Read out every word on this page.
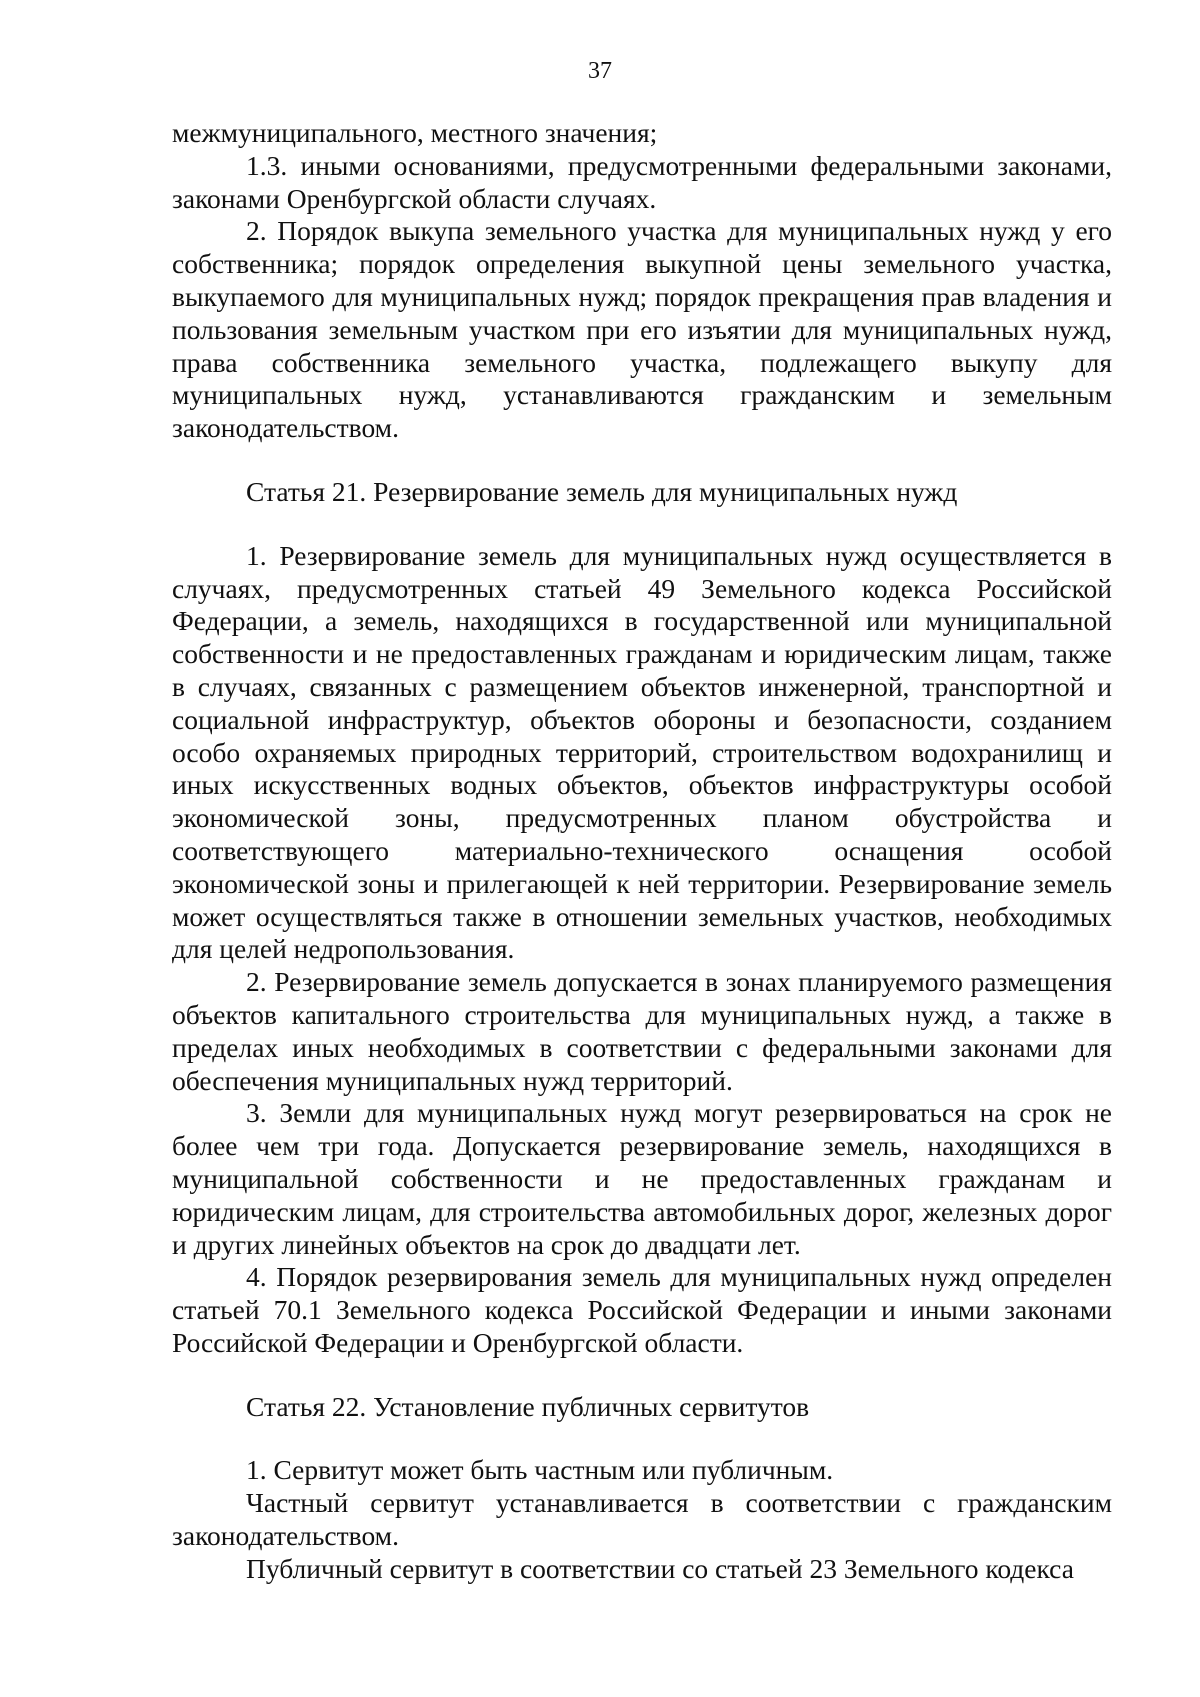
37

межмуниципального, местного значения;

1.3. иными основаниями, предусмотренными федеральными законами, законами Оренбургской области случаях.

2. Порядок выкупа земельного участка для муниципальных нужд у его собственника; порядок определения выкупной цены земельного участка, выкупаемого для муниципальных нужд; порядок прекращения прав владения и пользования земельным участком при его изъятии для муниципальных нужд, права собственника земельного участка, подлежащего выкупу для муниципальных нужд, устанавливаются гражданским и земельным законодательством.

Статья 21. Резервирование земель для муниципальных нужд

1. Резервирование земель для муниципальных нужд осуществляется в случаях, предусмотренных статьей 49 Земельного кодекса Российской Федерации, а земель, находящихся в государственной или муниципальной собственности и не предоставленных гражданам и юридическим лицам, также в случаях, связанных с размещением объектов инженерной, транспортной и социальной инфраструктур, объектов обороны и безопасности, созданием особо охраняемых природных территорий, строительством водохранилищ и иных искусственных водных объектов, объектов инфраструктуры особой экономической зоны, предусмотренных планом обустройства и соответствующего материально-технического оснащения особой экономической зоны и прилегающей к ней территории. Резервирование земель может осуществляться также в отношении земельных участков, необходимых для целей недропользования.

2. Резервирование земель допускается в зонах планируемого размещения объектов капитального строительства для муниципальных нужд, а также в пределах иных необходимых в соответствии с федеральными законами для обеспечения муниципальных нужд территорий.

3. Земли для муниципальных нужд могут резервироваться на срок не более чем три года. Допускается резервирование земель, находящихся в муниципальной собственности и не предоставленных гражданам и юридическим лицам, для строительства автомобильных дорог, железных дорог и других линейных объектов на срок до двадцати лет.

4. Порядок резервирования земель для муниципальных нужд определен статьей 70.1 Земельного кодекса Российской Федерации и иными законами Российской Федерации и Оренбургской области.

Статья 22. Установление публичных сервитутов

1. Сервитут может быть частным или публичным.

Частный сервитут устанавливается в соответствии с гражданским законодательством.

Публичный сервитут в соответствии со статьей 23 Земельного кодекса
